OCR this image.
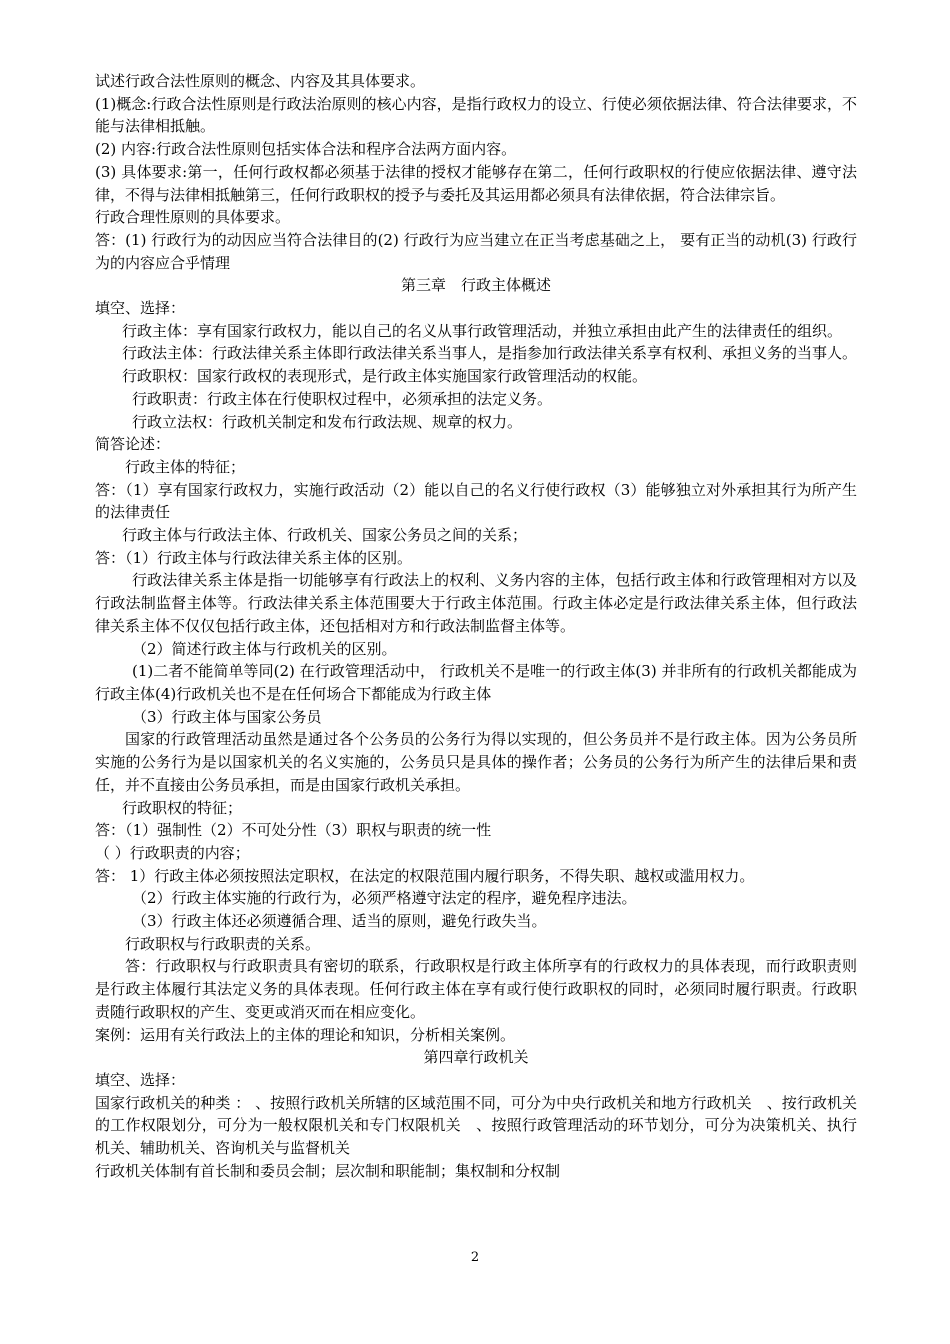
试述行政合法性原则的概念、内容及其具体要求。

(1)概念:行政合法性原则是行政法治原则的核心内容，是指行政权力的设立、行使必须依据法律、符合法律要求，不能与法律相抵触。

(2) 内容:行政合法性原则包括实体合法和程序合法两方面内容。

(3) 具体要求:第一，任何行政权都必须基于法律的授权才能够存在第二，任何行政职权的行使应依据法律、遵守法律，不得与法律相抵触第三，任何行政职权的授予与委托及其运用都必须具有法律依据，符合法律宗旨。

行政合理性原则的具体要求。

答：(1) 行政行为的动因应当符合法律目的(2) 行政行为应当建立在正当考虑基础之上， 要有正当的动机(3) 行政行为的内容应合乎情理

第三章　行政主体概述

填空、选择：

行政主体：享有国家行政权力，能以自己的名义从事行政管理活动，并独立承担由此产生的法律责任的组织。

行政法主体：行政法律关系主体即行政法律关系当事人，是指参加行政法律关系享有权利、承担义务的当事人。

行政职权：国家行政权的表现形式，是行政主体实施国家行政管理活动的权能。

行政职责：行政主体在行使职权过程中，必须承担的法定义务。

行政立法权：行政机关制定和发布行政法规、规章的权力。

简答论述：

行政主体的特征；

答：（1）享有国家行政权力，实施行政活动（2）能以自己的名义行使行政权（3）能够独立对外承担其行为所产生的法律责任

行政主体与行政法主体、行政机关、国家公务员之间的关系；

答：（1）行政主体与行政法律关系主体的区别。

行政法律关系主体是指一切能够享有行政法上的权利、义务内容的主体，包括行政主体和行政管理相对方以及行政法制监督主体等。行政法律关系主体范围要大于行政主体范围。行政主体必定是行政法律关系主体，但行政法律关系主体不仅仅包括行政主体，还包括相对方和行政法制监督主体等。

（2）简述行政主体与行政机关的区别。

(1)二者不能简单等同(2) 在行政管理活动中， 行政机关不是唯一的行政主体(3) 并非所有的行政机关都能成为行政主体(4)行政机关也不是在任何场合下都能成为行政主体

（3）行政主体与国家公务员

国家的行政管理活动虽然是通过各个公务员的公务行为得以实现的，但公务员并不是行政主体。因为公务员所实施的公务行为是以国家机关的名义实施的，公务员只是具体的操作者；公务员的公务行为所产生的法律后果和责任，并不直接由公务员承担，而是由国家行政机关承担。

行政职权的特征；

答：（1）强制性（2）不可处分性（3）职权与职责的统一性

（ ）行政职责的内容；

答： 1）行政主体必须按照法定职权，在法定的权限范围内履行职务，不得失职、越权或滥用权力。

（2）行政主体实施的行政行为，必须严格遵守法定的程序，避免程序违法。

（3）行政主体还必须遵循合理、适当的原则，避免行政失当。

行政职权与行政职责的关系。

答：行政职权与行政职责具有密切的联系，行政职权是行政主体所享有的行政权力的具体表现，而行政职责则是行政主体履行其法定义务的具体表现。任何行政主体在享有或行使行政职权的同时，必须同时履行职责。行政职责随行政职权的产生、变更或消灭而在相应变化。

案例：运用有关行政法上的主体的理论和知识，分析相关案例。

第四章行政机关

填空、选择：

国家行政机关的种类 ： 、按照行政机关所辖的区域范围不同，可分为中央行政机关和地方行政机关　、按行政机关的工作权限划分，可分为一般权限机关和专门权限机关　、按照行政管理活动的环节划分，可分为决策机关、执行机关、辅助机关、咨询机关与监督机关

行政机关体制有首长制和委员会制；层次制和职能制；集权制和分权制

2
